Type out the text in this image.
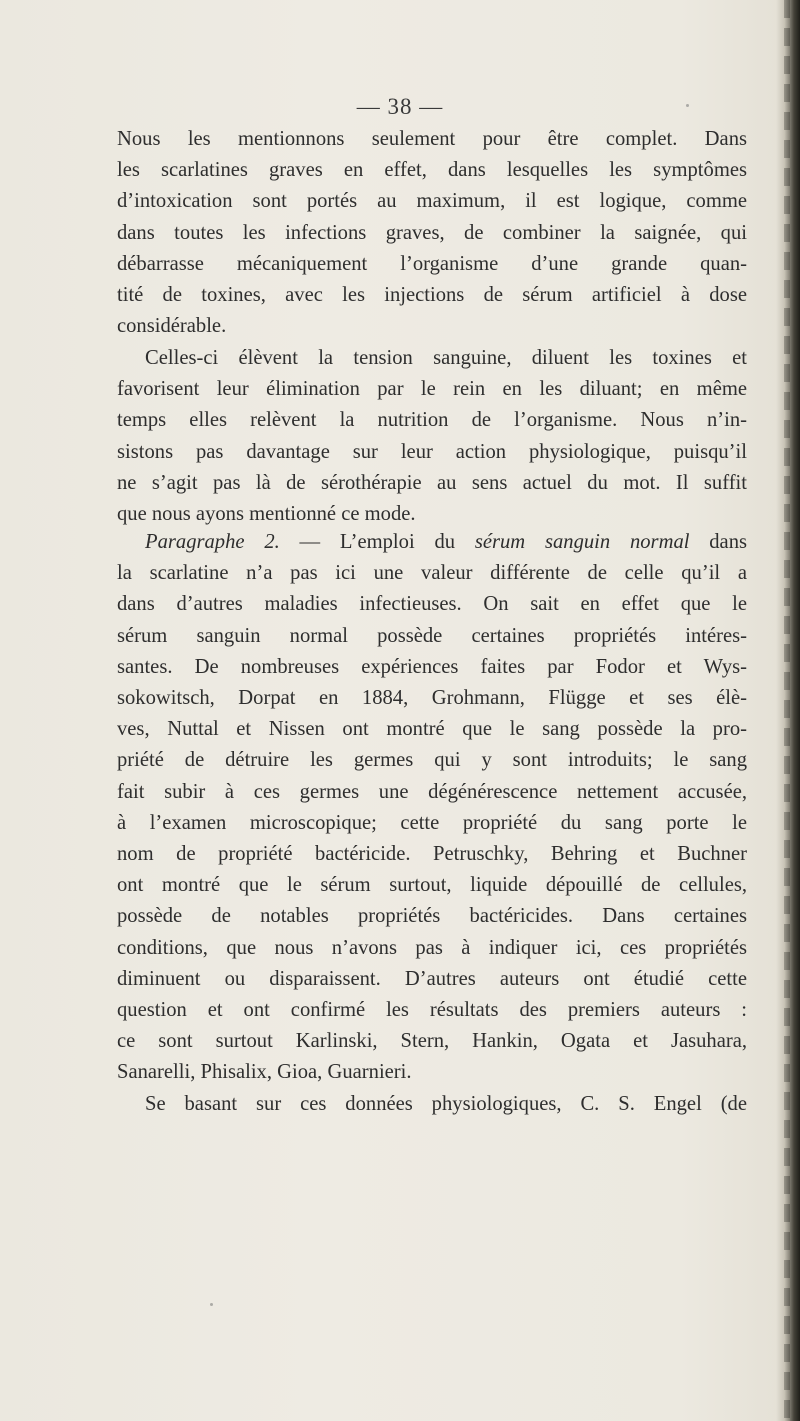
— 38 —
Nous les mentionnons seulement pour être complet. Dans
les scarlatines graves en effet, dans lesquelles les symptômes
d’intoxication sont portés au maximum, il est logique, comme
dans toutes les infections graves, de combiner la saignée, qui
débarrasse mécaniquement l’organisme d’une grande quan-
tité de toxines, avec les injections de sérum artificiel à dose
considérable.
Celles-ci élèvent la tension sanguine, diluent les toxines et
favorisent leur élimination par le rein en les diluant; en même
temps elles relèvent la nutrition de l’organisme. Nous n’in-
sistons pas davantage sur leur action physiologique, puisqu’il
ne s’agit pas là de sérothérapie au sens actuel du mot. Il suffit
que nous ayons mentionné ce mode.
Paragraphe 2. — L’emploi du sérum sanguin normal dans
la scarlatine n’a pas ici une valeur différente de celle qu’il a
dans d’autres maladies infectieuses. On sait en effet que le
sérum sanguin normal possède certaines propriétés intéres-
santes. De nombreuses expériences faites par Fodor et Wys-
sokowitsch, Dorpat en 1884, Grohmann, Flügge et ses élè-
ves, Nuttal et Nissen ont montré que le sang possède la pro-
priété de détruire les germes qui y sont introduits; le sang
fait subir à ces germes une dégénérescence nettement accusée,
à l’examen microscopique; cette propriété du sang porte le
nom de propriété bactéricide. Petruschky, Behring et Buchner
ont montré que le sérum surtout, liquide dépouillé de cellules,
possède de notables propriétés bactéricides. Dans certaines
conditions, que nous n’avons pas à indiquer ici, ces propriétés
diminuent ou disparaissent. D’autres auteurs ont étudié cette
question et ont confirmé les résultats des premiers auteurs :
ce sont surtout Karlinski, Stern, Hankin, Ogata et Jasuhara,
Sanarelli, Phisalix, Gioa, Guarnieri.
Se basant sur ces données physiologiques, C. S. Engel (de
